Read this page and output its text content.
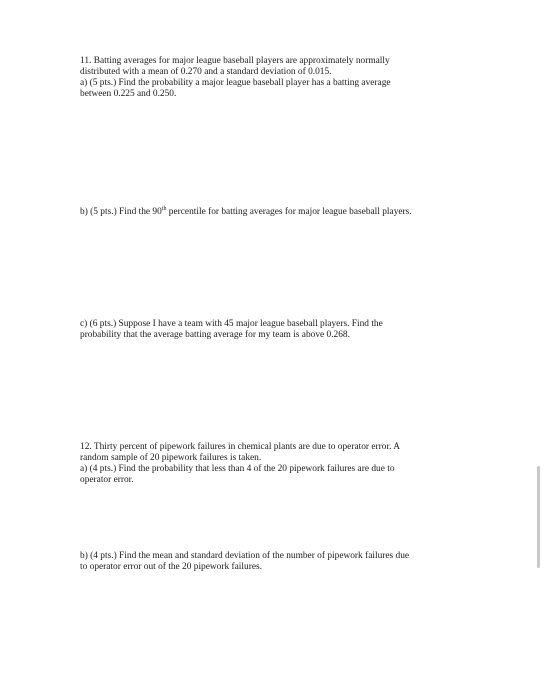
11. Batting averages for major league baseball players are approximately normally
distributed with a mean of 0.270 and a standard deviation of 0.015.
a) (5 pts.) Find the probability a major league baseball player has a batting average
between 0.225 and 0.250.
b) (5 pts.) Find the 90th percentile for batting averages for major league baseball players.
c) (6 pts.) Suppose I have a team with 45 major league baseball players. Find the
probability that the average batting average for my team is above 0.268.
12. Thirty percent of pipework failures in chemical plants are due to operator error. A
random sample of 20 pipework failures is taken.
a) (4 pts.) Find the probability that less than 4 of the 20 pipework failures are due to
operator error.
b) (4 pts.) Find the mean and standard deviation of the number of pipework failures due
to operator error out of the 20 pipework failures.
